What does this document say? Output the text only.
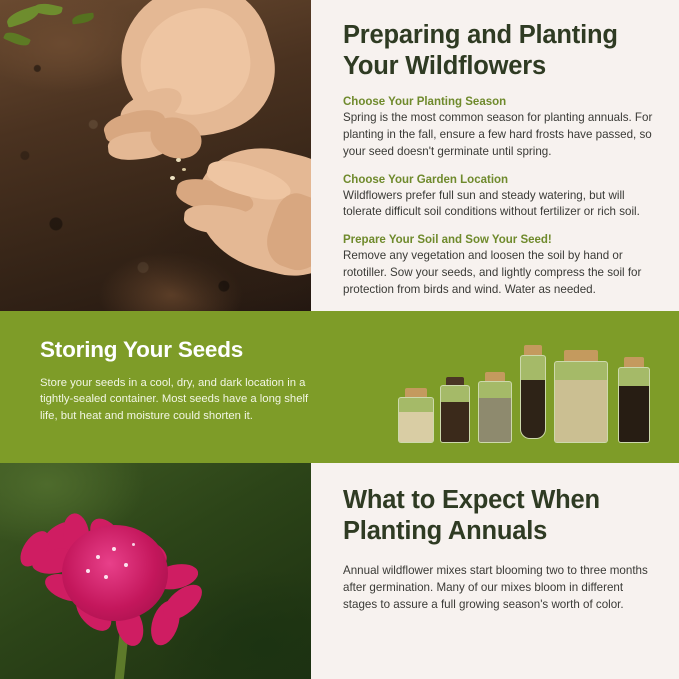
Preparing and Planting Your Wildflowers
Choose Your Planting Season
Spring is the most common season for planting annuals. For planting in the fall, ensure a few hard frosts have passed, so your seed doesn't germinate until spring.
Choose Your Garden Location
Wildflowers prefer full sun and steady watering, but will tolerate difficult soil conditions without fertilizer or rich soil.
Prepare Your Soil and Sow Your Seed!
Remove any vegetation and loosen the soil by hand or rototiller. Sow your seeds, and lightly compress the soil for protection from birds and wind. Water as needed.
Storing Your Seeds
Store your seeds in a cool, dry, and dark location in a tightly-sealed container. Most seeds have a long shelf life, but heat and moisture could shorten it.
What to Expect When Planting Annuals
Annual wildflower mixes start blooming two to three months after germination. Many of our mixes bloom in different stages to assure a full growing season's worth of color.
